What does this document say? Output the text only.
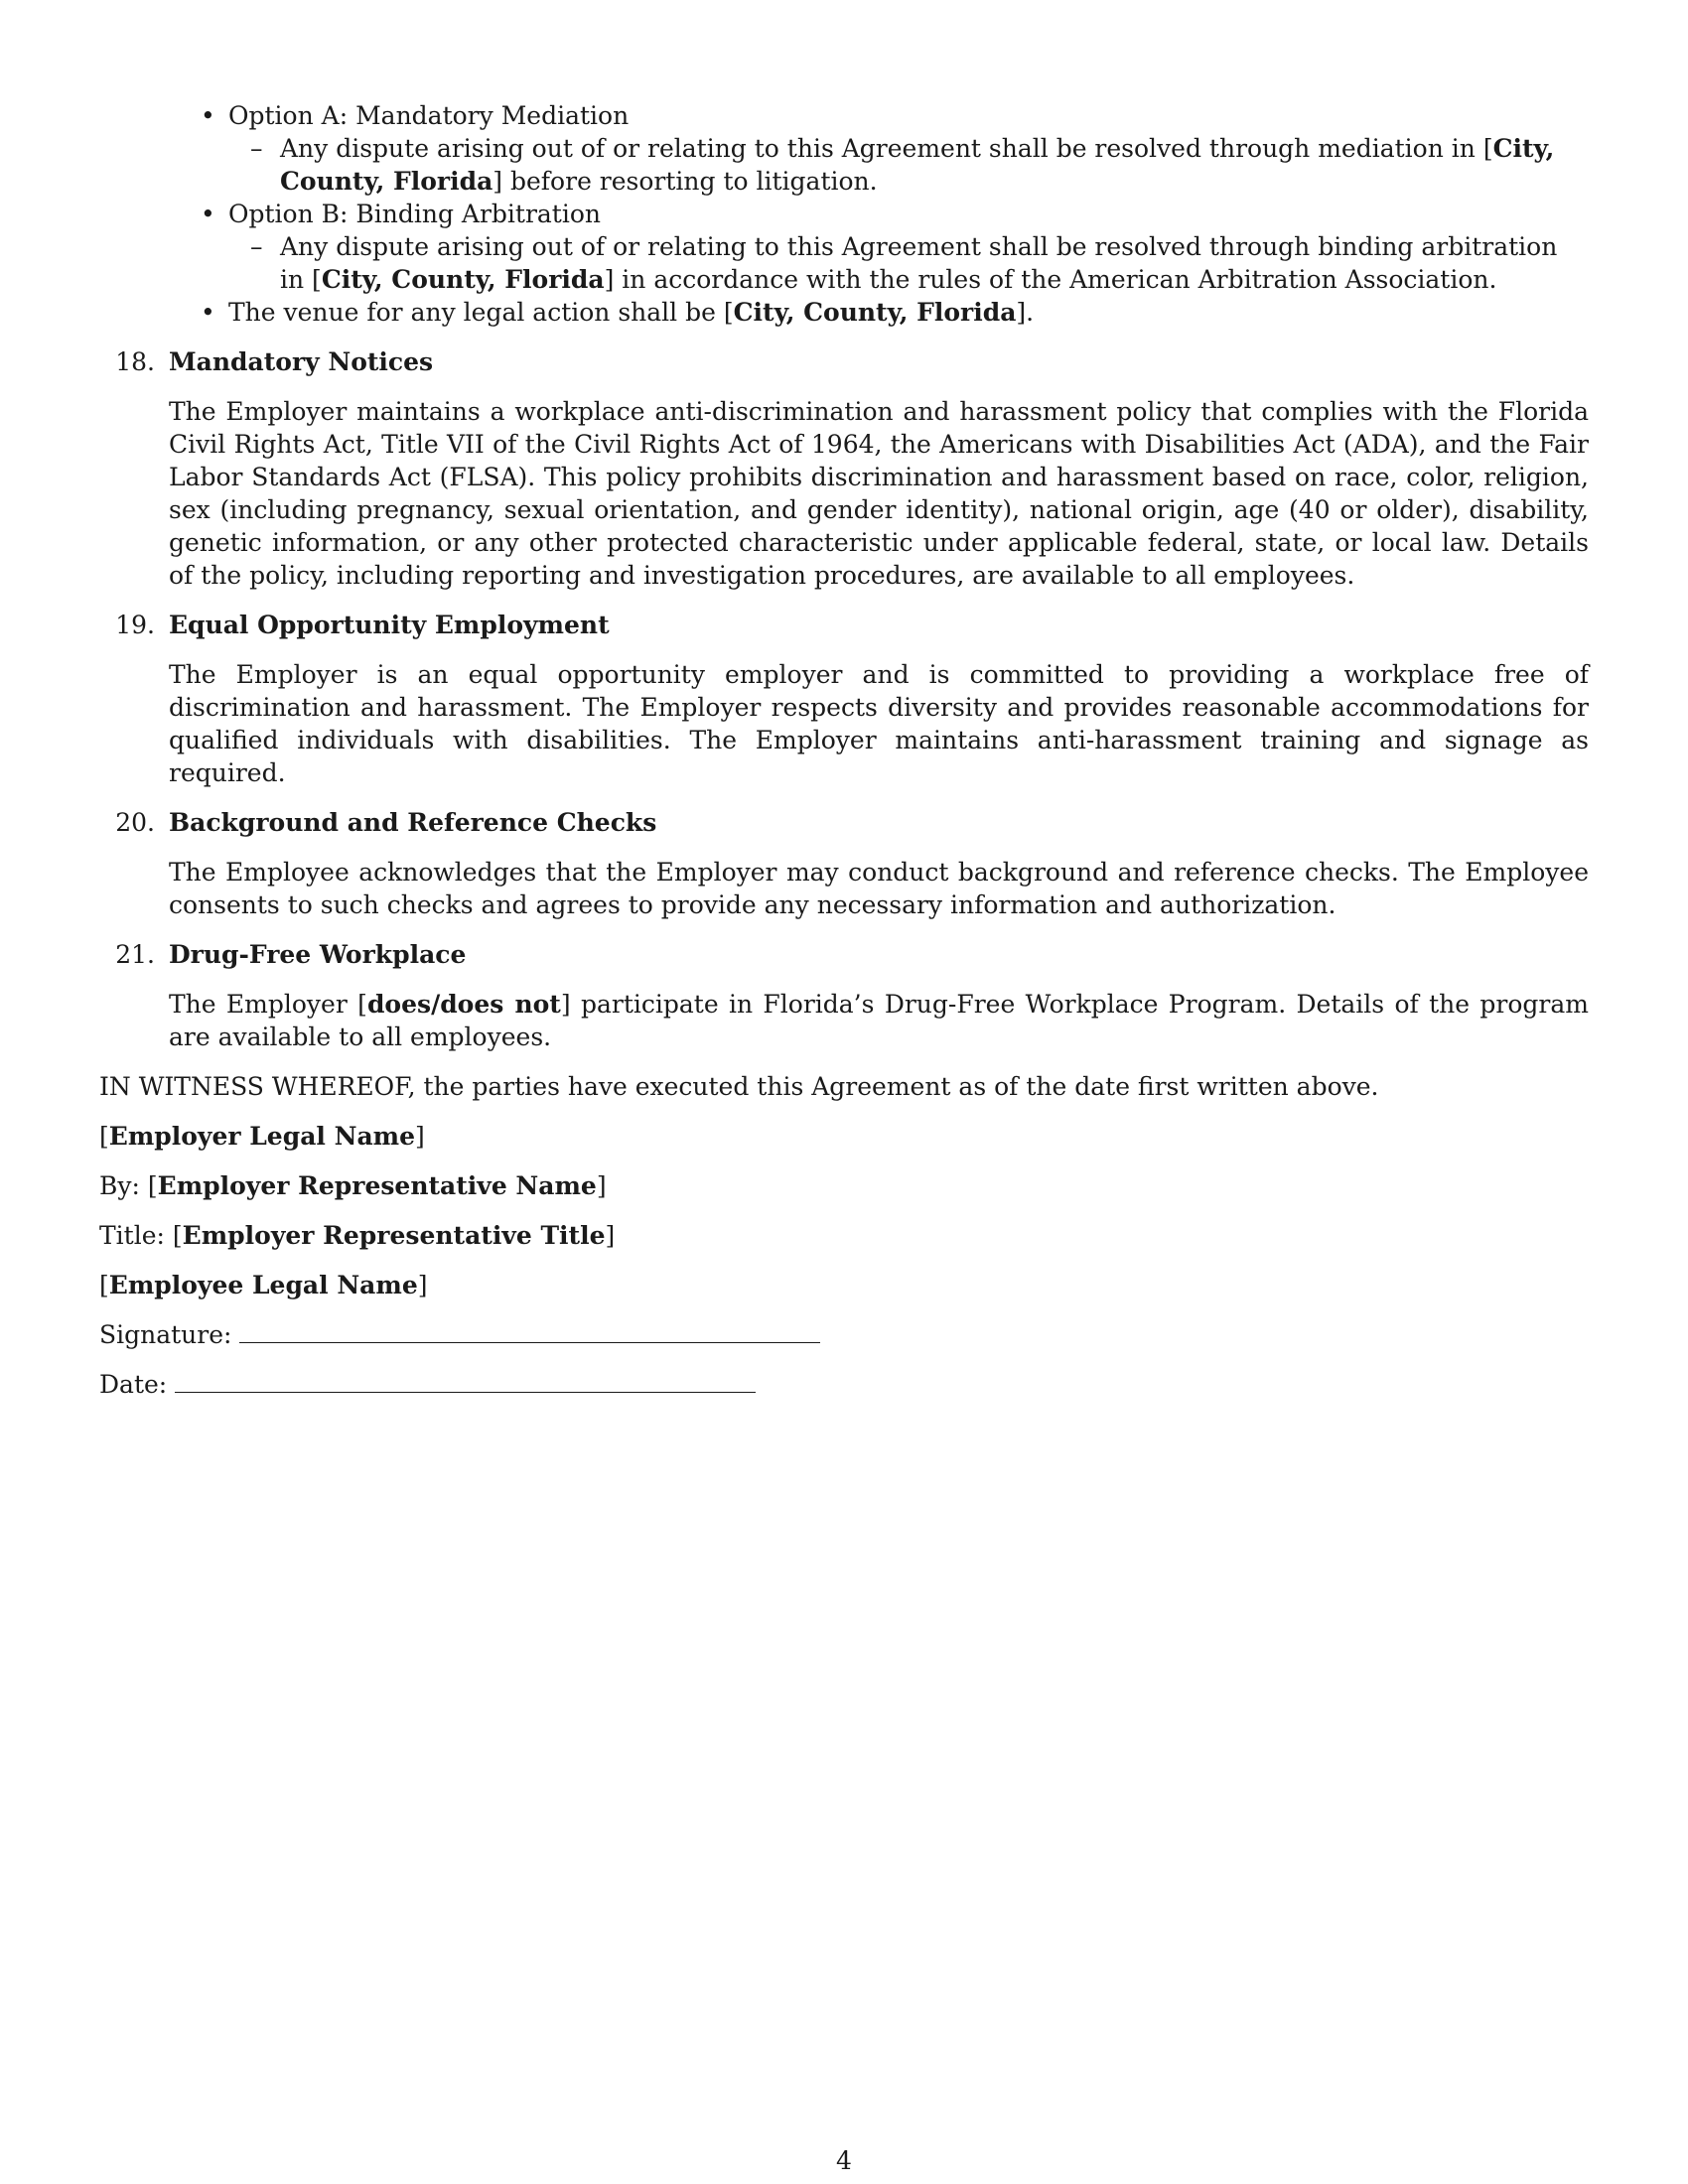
• Option A: Mandatory Mediation
– Any dispute arising out of or relating to this Agreement shall be resolved through mediation in [City, County, Florida] before resorting to litigation.
• Option B: Binding Arbitration
– Any dispute arising out of or relating to this Agreement shall be resolved through binding arbitration in [City, County, Florida] in accordance with the rules of the American Arbitration Association.
• The venue for any legal action shall be [City, County, Florida].
18. Mandatory Notices
The Employer maintains a workplace anti-discrimination and harassment policy that complies with the Florida Civil Rights Act, Title VII of the Civil Rights Act of 1964, the Americans with Disabilities Act (ADA), and the Fair Labor Standards Act (FLSA). This policy prohibits discrimination and harassment based on race, color, religion, sex (including pregnancy, sexual orientation, and gender identity), national origin, age (40 or older), disability, genetic information, or any other protected characteristic under applicable federal, state, or local law. Details of the policy, including reporting and investigation procedures, are available to all employees.
19. Equal Opportunity Employment
The Employer is an equal opportunity employer and is committed to providing a workplace free of discrimination and harassment. The Employer respects diversity and provides reasonable accommodations for qualified individuals with disabilities. The Employer maintains anti-harassment training and signage as required.
20. Background and Reference Checks
The Employee acknowledges that the Employer may conduct background and reference checks. The Employee consents to such checks and agrees to provide any necessary information and authorization.
21. Drug-Free Workplace
The Employer [does/does not] participate in Florida’s Drug-Free Workplace Program. Details of the program are available to all employees.
IN WITNESS WHEREOF, the parties have executed this Agreement as of the date first written above.
[Employer Legal Name]
By: [Employer Representative Name]
Title: [Employer Representative Title]
[Employee Legal Name]
Signature:
Date:
4
